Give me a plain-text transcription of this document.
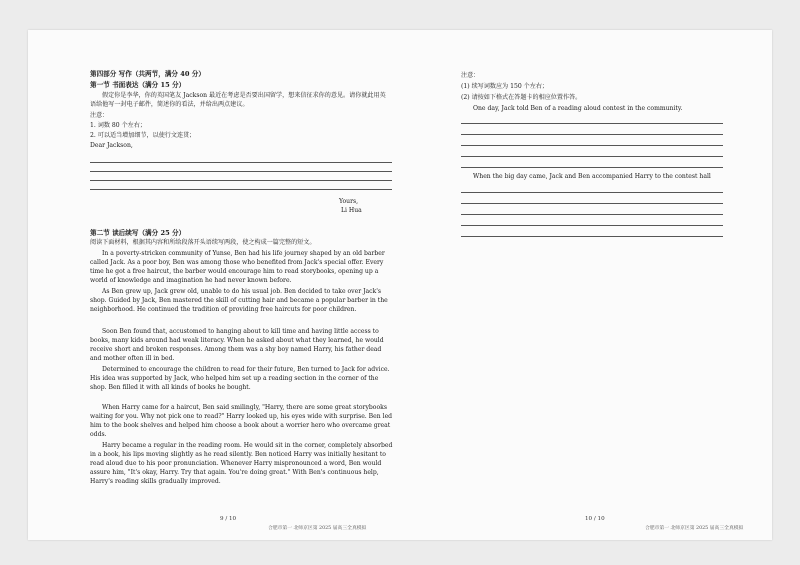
第四部分 写作（共两节，满分 40 分）
第一节 书面表达（满分 15 分）
假定你是李华，你的英国笔友 Jackson 最近在考虑是否要出国留学，想来信征求你的意见。请你就此用英语给他写一封电子邮件，简述你的看法，并给出两点建议。
注意：
1. 词数 80 个左右；
2. 可以适当增加细节，以使行文连贯；
Dear Jackson,
Yours,
Li Hua
第二节 读后续写（满分 25 分）
阅读下面材料，根据其内容和所给段落开头语续写两段，使之构成一篇完整的短文。
In a poverty-stricken community of Yunse, Ben had his life journey shaped by an old barber called Jack. As a poor boy, Ben was among those who benefited from Jack's special offer. Every time he got a free haircut, the barber would encourage him to read storybooks, opening up a world of knowledge and imagination he had never known before.
As Ben grew up, Jack grew old, unable to do his usual job. Ben decided to take over Jack's shop. Guided by Jack, Ben mastered the skill of cutting hair and became a popular barber in the neighborhood. He continued the tradition of providing free haircuts for poor children.
Soon Ben found that, accustomed to hanging about to kill time and having little access to books, many kids around had weak literacy. When he asked about what they learned, he would receive short and broken responses. Among them was a shy boy named Harry, his father dead and mother often ill in bed.
Determined to encourage the children to read for their future, Ben turned to Jack for advice. His idea was supported by Jack, who helped him set up a reading section in the corner of the shop. Ben filled it with all kinds of books he bought.
When Harry came for a haircut, Ben said smilingly, "Harry, there are some great storybooks waiting for you. Why not pick one to read?" Harry looked up, his eyes wide with surprise. Ben led him to the book shelves and helped him choose a book about a worrier hero who overcame great odds.
Harry became a regular in the reading room. He would sit in the corner, completely absorbed in a book, his lips moving slightly as he read silently. Ben noticed Harry was initially hesitant to read aloud due to his poor pronunciation. Whenever Harry mispronounced a word, Ben would assure him, "It's okay, Harry. Try that again. You're doing great." With Ben's continuous help, Harry's reading skills gradually improved.
9 / 10
合肥市第一 北师京区第 2025 届高三全真模拟
注意：
(1) 续写词数应为 150 个左右；
(2) 请按如下格式在答题卡的相应位置作答。
One day, Jack told Ben of a reading aloud contest in the community.
When the big day came, Jack and Ben accompanied Harry to the contest hall
10 / 10
合肥市第一 北师京区第 2025 届高三全真模拟
